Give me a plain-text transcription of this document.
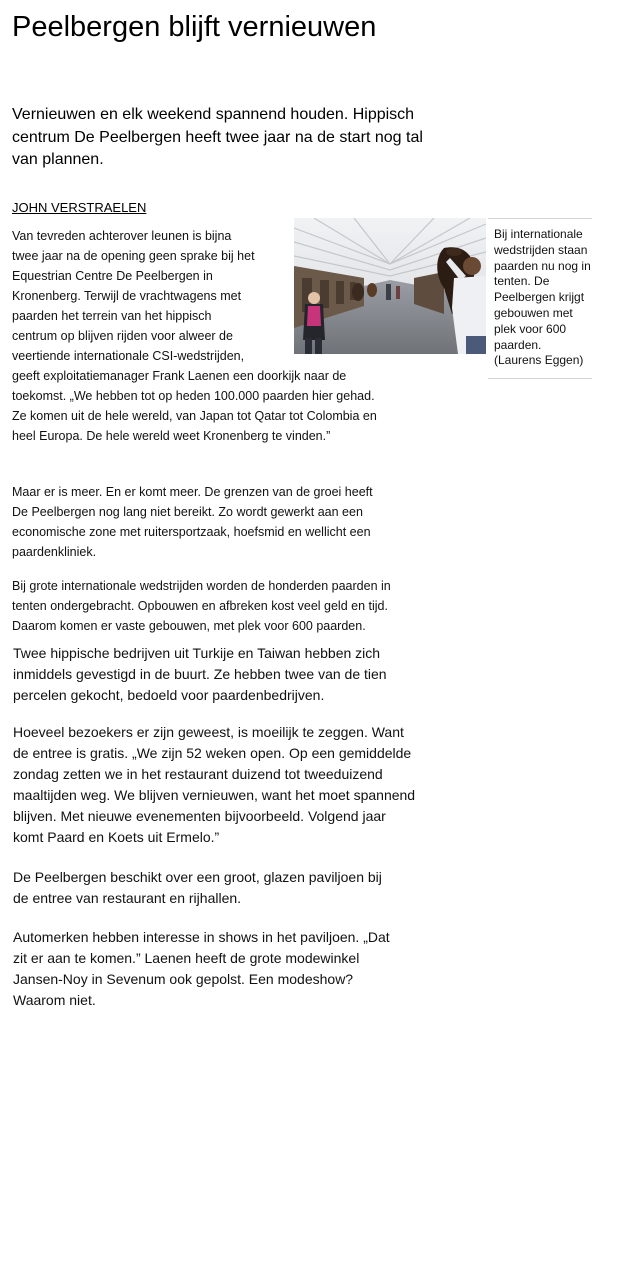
Peelbergen blijft vernieuwen

Vernieuwen en elk weekend spannend houden. Hippisch centrum De Peelbergen heeft twee jaar na de start nog tal van plannen.

JOHN VERSTRAELEN
Bij internationale wedstrijden staan paarden nu nog in tenten. De Peelbergen krijgt gebouwen met plek voor 600 paarden. (Laurens Eggen)

Van tevreden achterover leunen is bijna twee jaar na de opening geen sprake bij het Equestrian Centre De Peelbergen in Kronenberg. Terwijl de vrachtwagens met paarden het terrein van het hippisch centrum op blijven rijden voor alweer de veertiende internationale CSI-wedstrijden, geeft exploitatiemanager Frank Laenen een doorkijk naar de toekomst. „We hebben tot op heden 100.000 paarden hier gehad. Ze komen uit de hele wereld, van Japan tot Qatar tot Colombia en heel Europa. De hele wereld weet Kronenberg te vinden.”

Maar er is meer. En er komt meer. De grenzen van de groei heeft De Peelbergen nog lang niet bereikt. Zo wordt gewerkt aan een economische zone met ruitersportzaak, hoefsmid en wellicht een paardenkliniek.

Bij grote internationale wedstrijden worden de honderden paarden in tenten ondergebracht. Opbouwen en afbreken kost veel geld en tijd. Daarom komen er vaste gebouwen, met plek voor 600 paarden.

Twee hippische bedrijven uit Turkije en Taiwan hebben zich inmiddels gevestigd in de buurt. Ze hebben twee van de tien percelen gekocht, bedoeld voor paardenbedrijven.

Hoeveel bezoekers er zijn geweest, is moeilijk te zeggen. Want de entree is gratis. „We zijn 52 weken open. Op een gemiddelde zondag zetten we in het restaurant duizend tot tweeduizend maaltijden weg. We blijven vernieuwen, want het moet spannend blijven. Met nieuwe evenementen bijvoorbeeld. Volgend jaar komt Paard en Koets uit Ermelo.”

De Peelbergen beschikt over een groot, glazen paviljoen bij de entree van restaurant en rijhallen.

Automerken hebben interesse in shows in het paviljoen. „Dat zit er aan te komen.” Laenen heeft de grote modewinkel Jansen-Noy in Sevenum ook gepolst. Een modeshow? Waarom niet.
